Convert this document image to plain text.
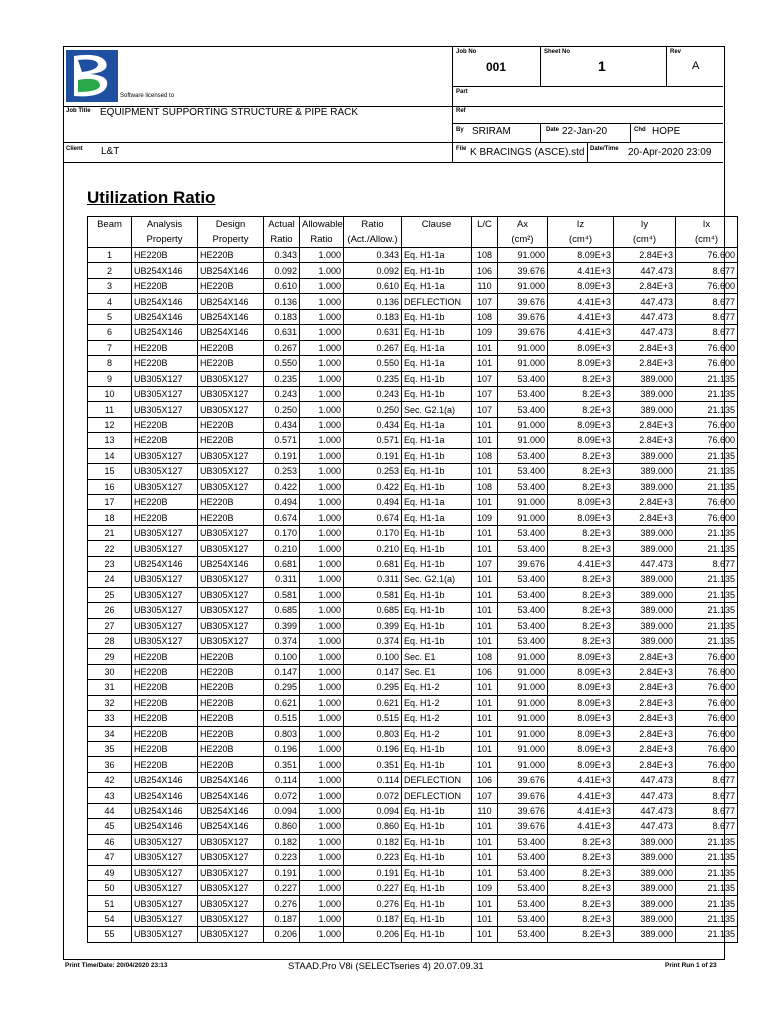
Software licensed to
Job No
001
Sheet No
1
Rev
A
Part
Ref
Job Title EQUIPMENT SUPPORTING STRUCTURE & PIPE RACK
By SRIRAM	Date 22-Jan-20	Chd HOPE
Client L&T	File K BRACINGS (ASCE).std Date/Time 20-Apr-2020 23:09
Utilization Ratio
Beam	Analysis	Design	Actual	Allowable	Ratio	Clause	L/C	Ax	Iz	Iy	Ix
	Property	Property	Ratio	Ratio	(Act./Allow.)			(cm²)	(cm⁴)	(cm⁴)	(cm⁴)
1	HE220B	HE220B	0.343	1.000	0.343	Eq. H1-1a	108	91.000	8.09E+3	2.84E+3	76.600
2	UB254X146	UB254X146	0.092	1.000	0.092	Eq. H1-1b	106	39.676	4.41E+3	447.473	8.677
3	HE220B	HE220B	0.610	1.000	0.610	Eq. H1-1a	110	91.000	8.09E+3	2.84E+3	76.600
4	UB254X146	UB254X146	0.136	1.000	0.136	DEFLECTION	107	39.676	4.41E+3	447.473	8.677
5	UB254X146	UB254X146	0.183	1.000	0.183	Eq. H1-1b	108	39.676	4.41E+3	447.473	8.677
6	UB254X146	UB254X146	0.631	1.000	0.631	Eq. H1-1b	109	39.676	4.41E+3	447.473	8.677
7	HE220B	HE220B	0.267	1.000	0.267	Eq. H1-1a	101	91.000	8.09E+3	2.84E+3	76.600
8	HE220B	HE220B	0.550	1.000	0.550	Eq. H1-1a	101	91.000	8.09E+3	2.84E+3	76.600
9	UB305X127	UB305X127	0.235	1.000	0.235	Eq. H1-1b	107	53.400	8.2E+3	389.000	21.135
10	UB305X127	UB305X127	0.243	1.000	0.243	Eq. H1-1b	107	53.400	8.2E+3	389.000	21.135
11	UB305X127	UB305X127	0.250	1.000	0.250	Sec. G2.1(a)	107	53.400	8.2E+3	389.000	21.135
12	HE220B	HE220B	0.434	1.000	0.434	Eq. H1-1a	101	91.000	8.09E+3	2.84E+3	76.600
13	HE220B	HE220B	0.571	1.000	0.571	Eq. H1-1a	101	91.000	8.09E+3	2.84E+3	76.600
14	UB305X127	UB305X127	0.191	1.000	0.191	Eq. H1-1b	108	53.400	8.2E+3	389.000	21.135
15	UB305X127	UB305X127	0.253	1.000	0.253	Eq. H1-1b	101	53.400	8.2E+3	389.000	21.135
16	UB305X127	UB305X127	0.422	1.000	0.422	Eq. H1-1b	108	53.400	8.2E+3	389.000	21.135
17	HE220B	HE220B	0.494	1.000	0.494	Eq. H1-1a	101	91.000	8.09E+3	2.84E+3	76.600
18	HE220B	HE220B	0.674	1.000	0.674	Eq. H1-1a	109	91.000	8.09E+3	2.84E+3	76.600
21	UB305X127	UB305X127	0.170	1.000	0.170	Eq. H1-1b	101	53.400	8.2E+3	389.000	21.135
22	UB305X127	UB305X127	0.210	1.000	0.210	Eq. H1-1b	101	53.400	8.2E+3	389.000	21.135
23	UB254X146	UB254X146	0.681	1.000	0.681	Eq. H1-1b	107	39.676	4.41E+3	447.473	8.677
24	UB305X127	UB305X127	0.311	1.000	0.311	Sec. G2.1(a)	101	53.400	8.2E+3	389.000	21.135
25	UB305X127	UB305X127	0.581	1.000	0.581	Eq. H1-1b	101	53.400	8.2E+3	389.000	21.135
26	UB305X127	UB305X127	0.685	1.000	0.685	Eq. H1-1b	101	53.400	8.2E+3	389.000	21.135
27	UB305X127	UB305X127	0.399	1.000	0.399	Eq. H1-1b	101	53.400	8.2E+3	389.000	21.135
28	UB305X127	UB305X127	0.374	1.000	0.374	Eq. H1-1b	101	53.400	8.2E+3	389.000	21.135
29	HE220B	HE220B	0.100	1.000	0.100	Sec. E1	108	91.000	8.09E+3	2.84E+3	76.600
30	HE220B	HE220B	0.147	1.000	0.147	Sec. E1	106	91.000	8.09E+3	2.84E+3	76.600
31	HE220B	HE220B	0.295	1.000	0.295	Eq. H1-2	101	91.000	8.09E+3	2.84E+3	76.600
32	HE220B	HE220B	0.621	1.000	0.621	Eq. H1-2	101	91.000	8.09E+3	2.84E+3	76.600
33	HE220B	HE220B	0.515	1.000	0.515	Eq. H1-2	101	91.000	8.09E+3	2.84E+3	76.600
34	HE220B	HE220B	0.803	1.000	0.803	Eq. H1-2	101	91.000	8.09E+3	2.84E+3	76.600
35	HE220B	HE220B	0.196	1.000	0.196	Eq. H1-1b	101	91.000	8.09E+3	2.84E+3	76.600
36	HE220B	HE220B	0.351	1.000	0.351	Eq. H1-1b	101	91.000	8.09E+3	2.84E+3	76.600
42	UB254X146	UB254X146	0.114	1.000	0.114	DEFLECTION	106	39.676	4.41E+3	447.473	8.677
43	UB254X146	UB254X146	0.072	1.000	0.072	DEFLECTION	107	39.676	4.41E+3	447.473	8.677
44	UB254X146	UB254X146	0.094	1.000	0.094	Eq. H1-1b	110	39.676	4.41E+3	447.473	8.677
45	UB254X146	UB254X146	0.860	1.000	0.860	Eq. H1-1b	101	39.676	4.41E+3	447.473	8.677
46	UB305X127	UB305X127	0.182	1.000	0.182	Eq. H1-1b	101	53.400	8.2E+3	389.000	21.135
47	UB305X127	UB305X127	0.223	1.000	0.223	Eq. H1-1b	101	53.400	8.2E+3	389.000	21.135
49	UB305X127	UB305X127	0.191	1.000	0.191	Eq. H1-1b	101	53.400	8.2E+3	389.000	21.135
50	UB305X127	UB305X127	0.227	1.000	0.227	Eq. H1-1b	109	53.400	8.2E+3	389.000	21.135
51	UB305X127	UB305X127	0.276	1.000	0.276	Eq. H1-1b	101	53.400	8.2E+3	389.000	21.135
54	UB305X127	UB305X127	0.187	1.000	0.187	Eq. H1-1b	101	53.400	8.2E+3	389.000	21.135
55	UB305X127	UB305X127	0.206	1.000	0.206	Eq. H1-1b	101	53.400	8.2E+3	389.000	21.135
Print Time/Date: 20/04/2020 23:13	STAAD.Pro V8i (SELECTseries 4) 20.07.09.31	Print Run 1 of 23
